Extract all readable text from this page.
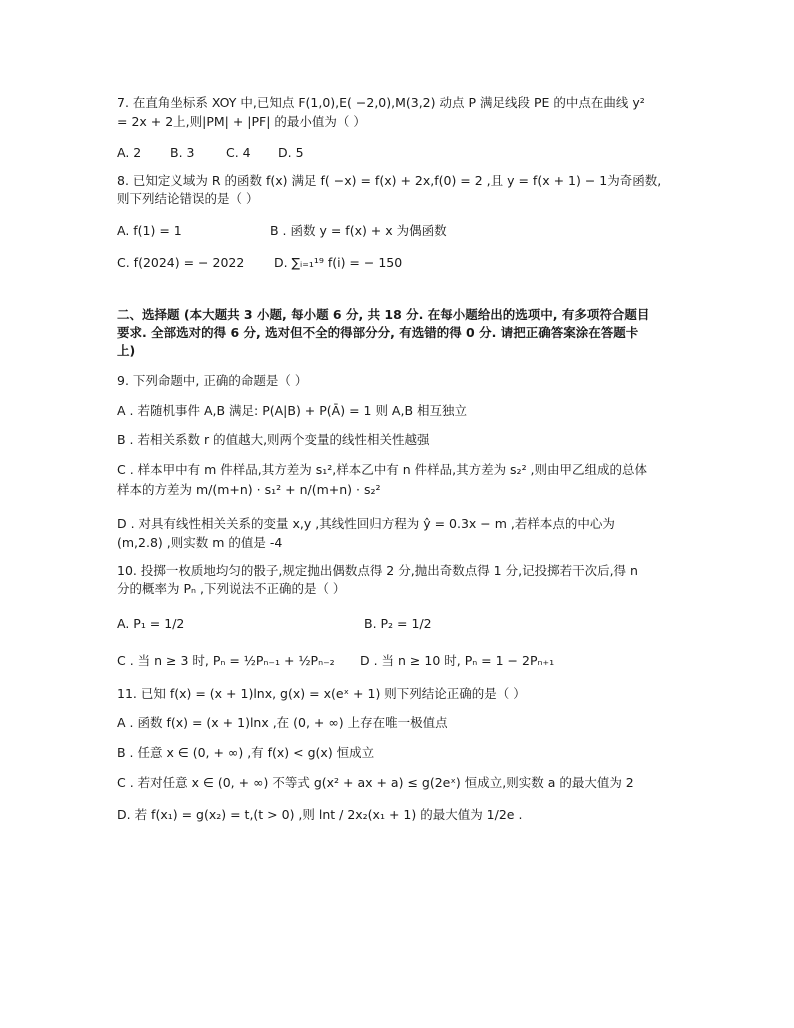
7. 在直角坐标系 XOY 中,已知点 F(1,0),E( −2,0),M(3,2) 动点 P 满足线段 PE 的中点在曲线 y²
= 2x + 2上,则|PM| + |PF| 的最小值为（ ）
A. 2 B. 3	C. 4 D. 5
8. 已知定义域为 R 的函数 f(x) 满足 f( −x) = f(x) + 2x,f(0) = 2 ,且 y = f(x + 1) − 1为奇函数,
则下列结论错误的是（ ）
A. f(1) = 1	B . 函数 y = f(x) + x 为偶函数
C. f(2024) = − 2022 D. ∑ᵢ₌₁¹⁹ f(i) = − 150
二、选择题 (本大题共 3 小题, 每小题 6 分, 共 18 分. 在每小题给出的选项中, 有多项符合题目
要求. 全部选对的得 6 分, 选对但不全的得部分分, 有选错的得 0 分. 请把正确答案涂在答题卡
上)
9. 下列命题中, 正确的命题是（ ）
A . 若随机事件 A,B 满足: P(A|B) + P(Ā) = 1 则 A,B 相互独立
B . 若相关系数 r 的值越大,则两个变量的线性相关性越强
C . 样本甲中有 m 件样品,其方差为 s₁²,样本乙中有 n 件样品,其方差为 s₂² ,则由甲乙组成的总体
样本的方差为 m/(m+n) · s₁² + n/(m+n) · s₂²
D . 对具有线性相关关系的变量 x,y ,其线性回归方程为 ŷ = 0.3x − m ,若样本点的中心为
(m,2.8) ,则实数 m 的值是 -4
10. 投掷一枚质地均匀的骰子,规定抛出偶数点得 2 分,抛出奇数点得 1 分,记投掷若干次后,得 n
分的概率为 Pₙ ,下列说法不正确的是（ ）
A. P₁ = 1/2	B. P₂ = 1/2
C . 当 n ≥ 3 时, Pₙ = ½Pₙ₋₁ + ½Pₙ₋₂ D . 当 n ≥ 10 时, Pₙ = 1 − 2Pₙ₊₁
11. 已知 f(x) = (x + 1)lnx, g(x) = x(eˣ + 1) 则下列结论正确的是（ ）
A . 函数 f(x) = (x + 1)lnx ,在 (0, + ∞) 上存在唯一极值点
B . 任意 x ∈ (0, + ∞) ,有 f(x) < g(x) 恒成立
C . 若对任意 x ∈ (0, + ∞) 不等式 g(x² + ax + a) ≤ g(2eˣ) 恒成立,则实数 a 的最大值为 2
D. 若 f(x₁) = g(x₂) = t,(t > 0) ,则 lnt / 2x₂(x₁ + 1) 的最大值为 1/2e .
